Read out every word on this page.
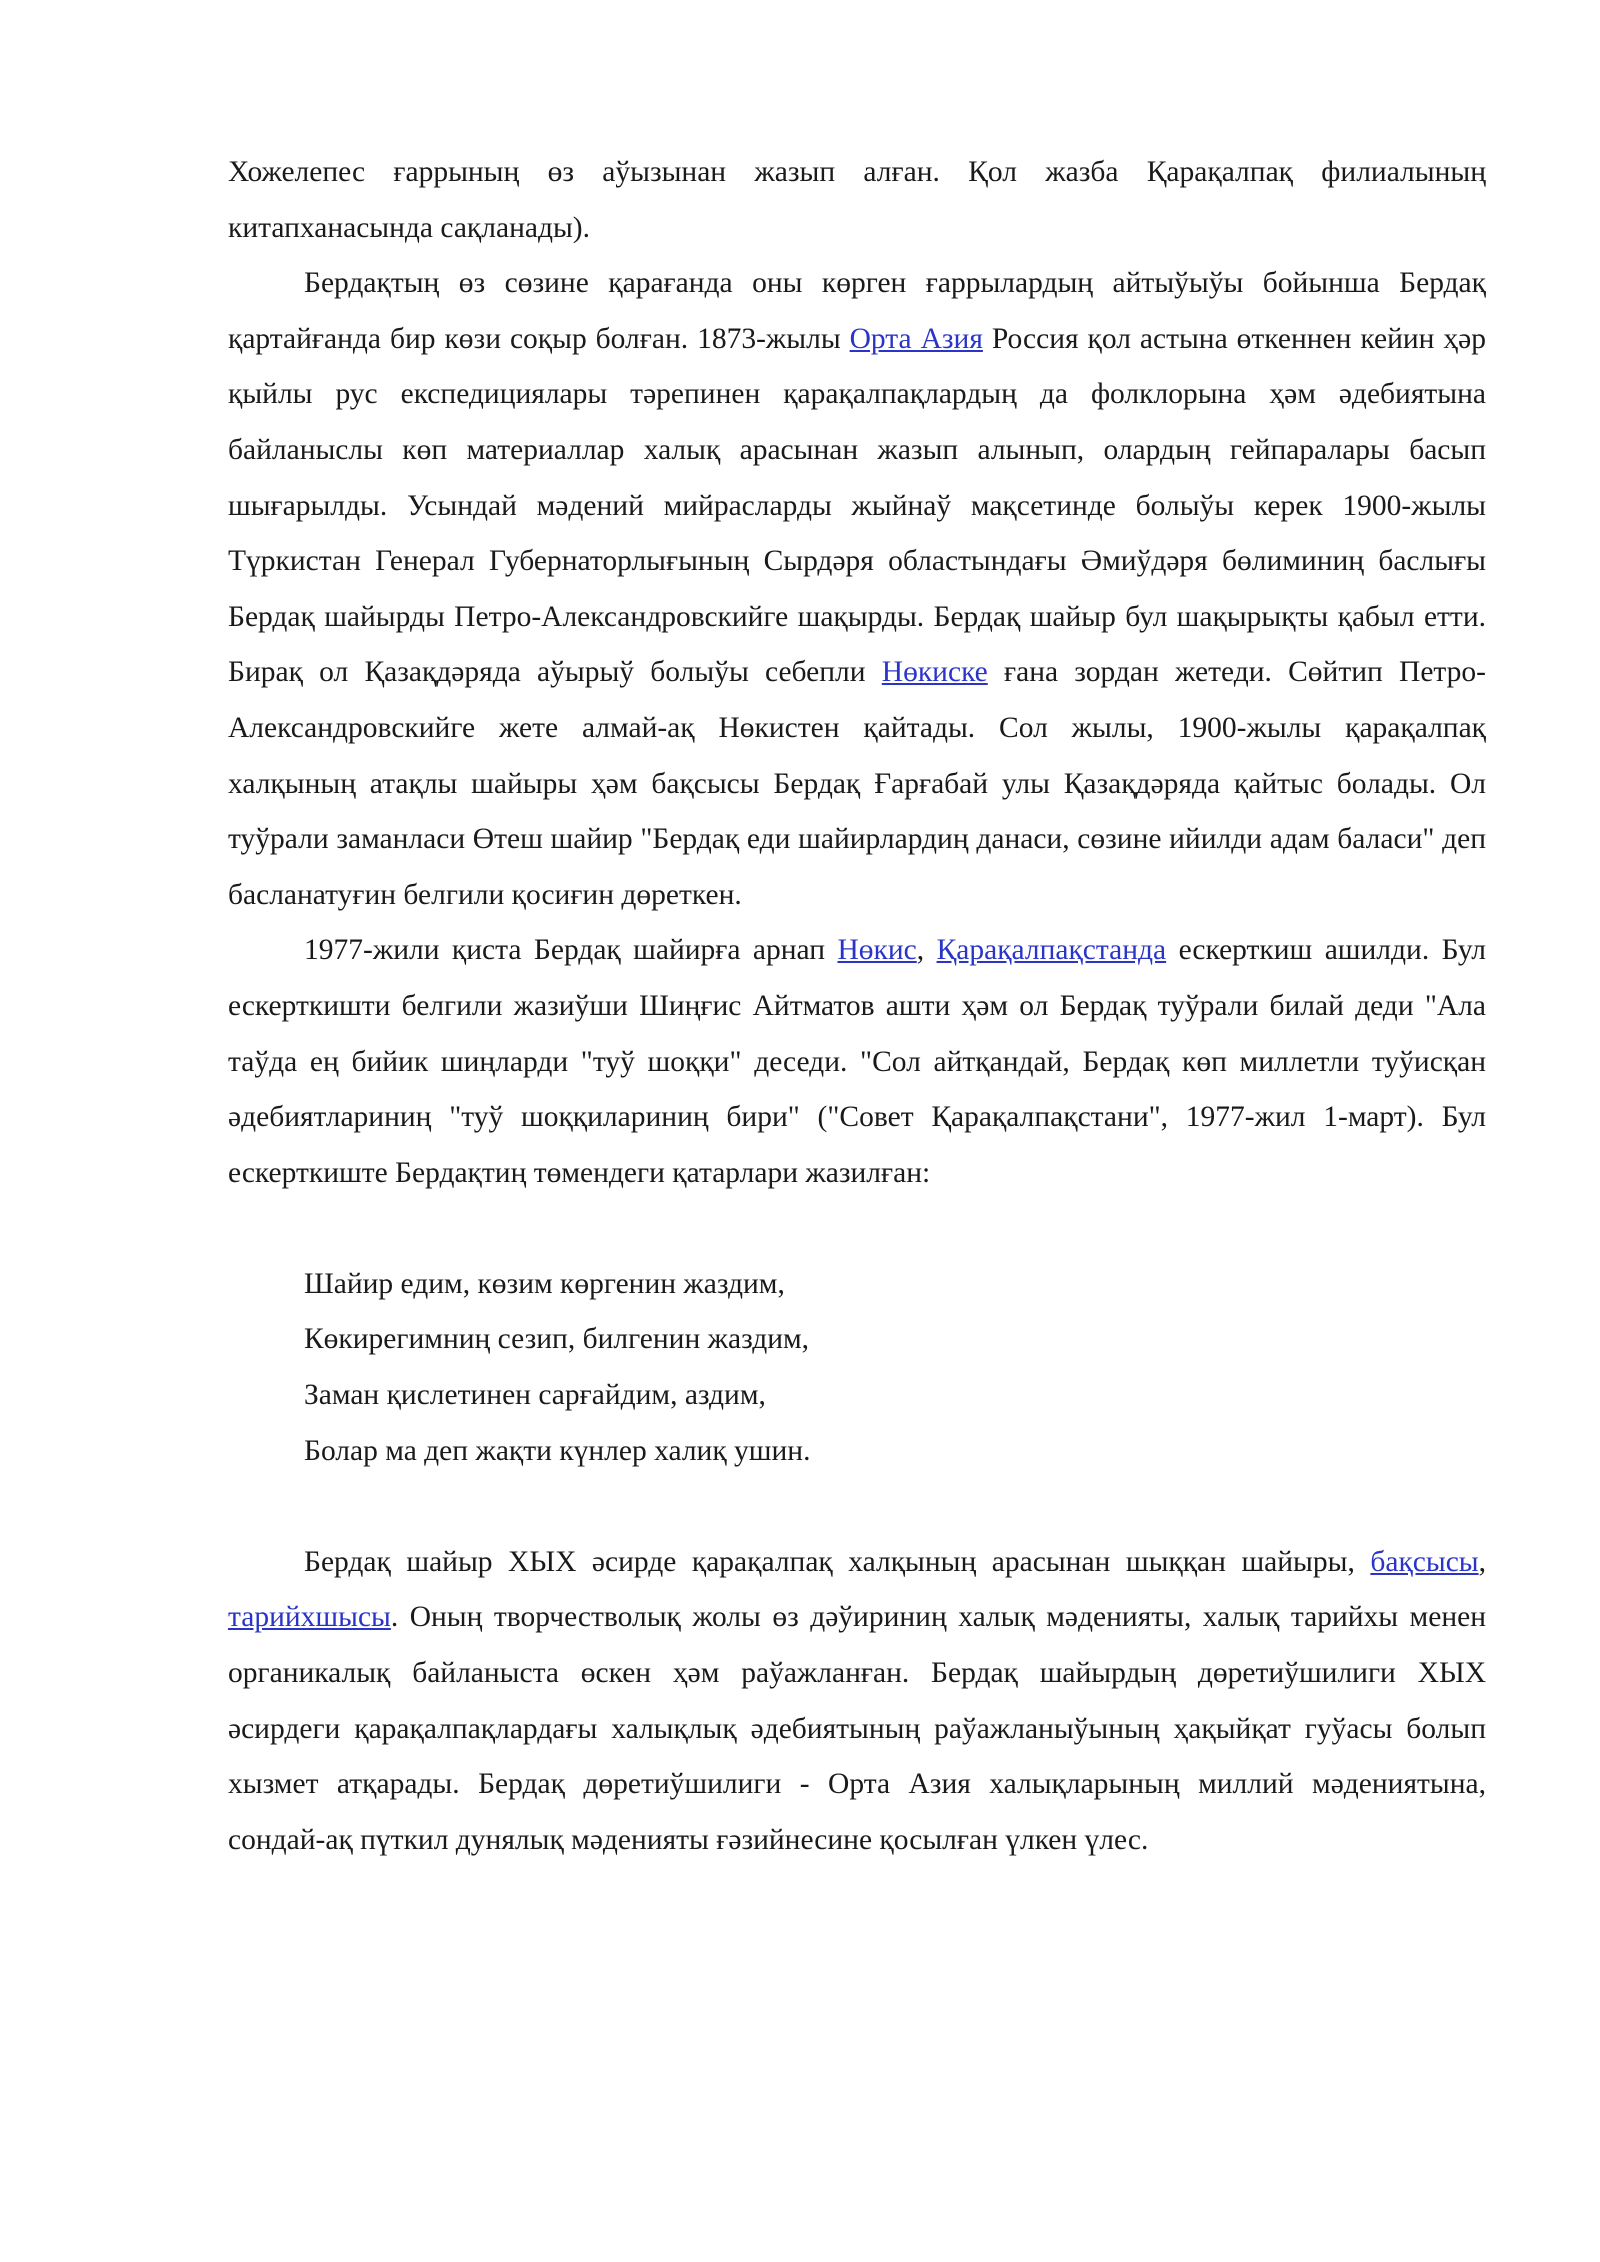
Хожелепес ғаррының өз аўызынан жазып алған. Қол жазба Қарақалпақ филиалының китапханасында сақланады).

Бердақтың өз сөзине қарағанда оны көрген ғаррылардың айтыўыўы бойынша Бердақ қартайғанда бир көзи соқыр болған. 1873-жылы Орта Азия Россия қол астына өткеннен кейин ҳәр қыйлы рус експедициялары тәрепинен қарақалпақлардың да фолклорына ҳәм әдебиятына байланыслы көп материаллар халық арасынан жазып алынып, олардың гейпаралары басып шығарылды. Усындай мәдений мийрасларды жыйнаў мақсетинде болыўы керек 1900-жылы Түркистан Генерал Губернаторлығының Сырдәря областындағы Әмиўдәря бөлиминиң баслығы Бердақ шайырды Петро-Александровскийге шақырды. Бердақ шайыр бул шақырықты қабыл етти. Бирақ ол Қазақдәряда аўырыў болыўы себепли Нөкиске ғана зордан жетеди. Сөйтип Петро-Александровскийге жете алмай-ақ Нөкистен қайтады. Сол жылы, 1900-жылы қарақалпақ халқының атақлы шайыры ҳәм бақсысы Бердақ Ғарғабай улы Қазақдәряда қайтыс болады. Ол туўрали заманласи Өтеш шайир "Бердақ еди шайирлардиң данаси, сөзине ийилди адам баласи" деп басланатуғин белгили қосиғин дөреткен.

1977-жили қиста Бердақ шайирға арнап Нөкис, Қарақалпақстанда ескерткиш ашилди. Бул ескерткишти белгили жазиўши Шиңғис Айтматов ашти ҳәм ол Бердақ туўрали билай деди "Ала таўда ең бийик шиңларди "туў шоққи" деседи. "Сол айтқандай, Бердақ көп миллетли туўисқан әдебиятлариниң "туў шоққилариниң бири" ("Совет Қарақалпақстани", 1977-жил 1-март). Бул ескерткиште Бердақтиң төмендеги қатарлари жазилған:

Шайир едим, көзим көргенин жаздим,

Көкирегимниң сезип, билгенин жаздим,

Заман қислетинен сарғайдим, аздим,

Болар ма деп жақти күнлер халиқ ушин.

Бердақ шайыр ХЫХ әсирде қарақалпақ халқының арасынан шыққан шайыры, бақсысы, тарийхшысы. Оның творчестволық жолы өз дәўириниң халық мәденияты, халық тарийхы менен органикалық байланыста өскен ҳәм раўажланған. Бердақ шайырдың дөретиўшилиги ХЫХ әсирдеги қарақалпақлардағы халықлық әдебиятының раўажланыўының ҳақыйқат гуўасы болып хызмет атқарады. Бердақ дөретиўшилиги - Орта Азия халықларының миллий мәдениятына, сондай-ақ пүткил дунялық мәденияты ғәзийнесине қосылған үлкен үлес.
